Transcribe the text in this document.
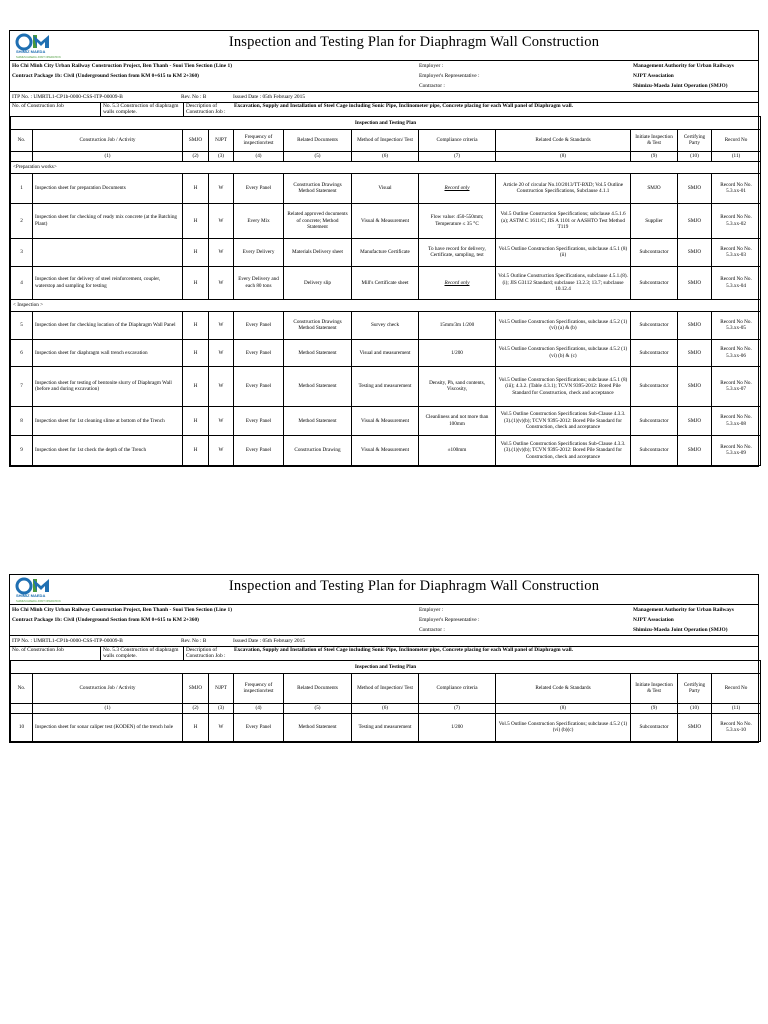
SHIMIZ MAEDA
SHIMIZU-MAEDA JOINT OPERATION
Inspection and Testing Plan for Diaphragm Wall Construction
Ho Chi Minh City Urban Railway Construction Project, Ben Thanh - Suoi Tien Section (Line 1)	Employer :	Management Authority for Urban Railways
Contract Package 1b: Civil (Underground Section from KM 0+615 to KM 2+360)	Employer's Representative :	NJPT Association
	Contractor :	Shimizu-Maeda Joint Operation (SMJO)
ITP No. : UMRTL1-CP1b-0000-CSS-ITP-00009-B	Rev. No : B	Issued Date : 05th February 2015
No. of Construction Job	No. 5.3 Construction of diaphragm walls complete.	Description of Construction Job :	Excavation, Supply and Installation of Steel Cage including Sonic Pipe, Inclinometer pipe, Concrete placing for each Wall panel of Diaphragm wall.
Inspection and Testing Plan											
No.	Construction Job / Activity	SMJO	NJPT	Frequency of inspection/test	Related Documents	Method of Inspection/ Test	Compliance criteria	Related Code & Standards	Initiate Inspection & Test	Certifying Party	Record No
	(1)	(2)	(3)	(4)	(5)	(6)	(7)	(8)	(9)	(10)	(11)
<Preparation works>											
1	Inspection sheet for preparation Documents	H	W	Every Panel	Construction Drawings Method Statement	Visual	Record only	Article 20 of circular No.10/2013/TT-BXD; Vol.5 Outline Construction Specifications, Subclause 4.1.1	SMJO	SMJO	Record No No. 5.3.xx-01
2	Inspection sheet for checking of ready mix concrete (at the Batching Plant)	H	W	Every Mix	Related approved documents of concrete; Method Statement	Visual & Measurement	Flow value: 450-550mm; Temperature ≤ 35 °C	Vol.5 Outline Construction Specifications; subclause 4.5.1.6 (a); ASTM C 1611/C; JIS A 1101 or AASHTO Test Method T119	Supplier	SMJO	Record No No. 5.3.xx-02
3		H	W	Every Delivery	Materials Delivery sheet	Manufacture Certificate	To have record for delivery, Certificate, sampling, test	Vol.5 Outline Construction Specifications, subclause 4.5.1 (8) (ii)	Subcontractor	SMJO	Record No No. 5.3.xx-03
4	Inspection sheet for delivery of steel reinforcement, coupler, waterstop and sampling for testing	H	W	Every Delivery and each 80 tons	Delivery slip	Mill's Certificate sheet	Record only	Vol.5 Outline Construction Specifications, subclause 4.5.1.(8).(i); JIS G3112 Standard; subclause 13.2.3; 13.7; subclause 10.12.4	Subcontractor	SMJO	Record No No. 5.3.xx-04
< Inspection >											
5	Inspection sheet for checking location of the Diaphragm Wall Panel	H	W	Every Panel	Construction Drawings Method Statement	Survey check	15mm/3m 1/200	Vol.5 Outline Construction Specifications, subclause 4.5.2 (1) (vi) (a) & (b)	Subcontractor	SMJO	Record No No. 5.3.xx-05
6	Inspection sheet for diaphragm wall trench excavation	H	W	Every Panel	Method Statement	Visual and measurement	1/200	Vol.5 Outline Construction Specifications, subclause 4.5.2 (1) (vi) (b) & (c)	Subcontractor	SMJO	Record No No. 5.3.xx-06
7	Inspection sheet for testing of bentonite slurry of Diaphragm Wall (before and during excavation)	H	W	Every Panel	Method Statement	Testing and measurement	Density, Ph, sand contents, Viscosity,	Vol.5 Outline Construction Specifications; subclause 4.5.1 (8) (iii); 4.3.2. (Table 4.3.1); TCVN 9395-2012: Bored Pile Standard for Construction, check and acceptance	Subcontractor	SMJO	Record No No. 5.3.xx-07
8	Inspection sheet for 1st cleaning slime at bottom of the Trench	H	W	Every Panel	Method Statement	Visual & Measurement	Cleanliness and not more than 100mm	Vol.5 Outline Construction Specifications Sub-Clause 4.3.3.(3).(1)(v)(b); TCVN 9395-2012: Bored Pile Standard for Construction, check and acceptance	Subcontractor	SMJO	Record No No. 5.3.xx-08
9	Inspection sheet for 1st check the depth of the Trench	H	W	Every Panel	Construction Drawing	Visual & Measurement	±100mm	Vol.5 Outline Construction Specifications Sub-Clause 4.3.3.(3).(1)(v)(b); TCVN 9395-2012: Bored Pile Standard for Construction, check and acceptance	Subcontractor	SMJO	Record No No. 5.3.xx-09
SHIMIZ MAEDA
SHIMIZU-MAEDA JOINT OPERATION
Inspection and Testing Plan for Diaphragm Wall Construction
Ho Chi Minh City Urban Railway Construction Project, Ben Thanh - Suoi Tien Section (Line 1)	Employer :	Management Authority for Urban Railways
Contract Package 1b: Civil (Underground Section from KM 0+615 to KM 2+360)	Employer's Representative :	NJPT Association
	Contractor :	Shimizu-Maeda Joint Operation (SMJO)
ITP No. : UMRTL1-CP1b-0000-CSS-ITP-00009-B	Rev. No : B	Issued Date : 05th February 2015
No. of Construction Job	No. 5.3 Construction of diaphragm walls complete.	Description of Construction Job :	Excavation, Supply and Installation of Steel Cage including Sonic Pipe, Inclinometer pipe, Concrete placing for each Wall panel of Diaphragm wall.
Inspection and Testing Plan											
No.	Construction Job / Activity	SMJO	NJPT	Frequency of inspection/test	Related Documents	Method of Inspection/ Test	Compliance criteria	Related Code & Standards	Initiate Inspection & Test	Certifying Party	Record No
	(1)	(2)	(3)	(4)	(5)	(6)	(7)	(8)	(9)	(10)	(11)
10	Inspection sheet for sonar caliper test (KODEN) of the trench hole	H	W	Every Panel	Method Statement	Testing and measurement	1/200	Vol.5 Outline Construction Specifications; subclause 4.5.2 (1) (vi) (b)(c)	Subcontractor	SMJO	Record No No. 5.3.xx-10
